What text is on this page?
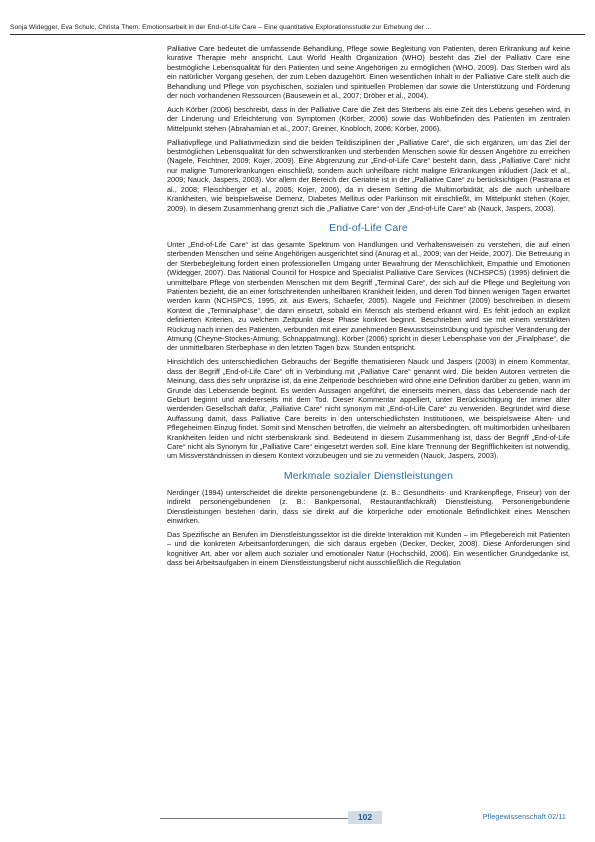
Sonja Widegger, Eva Schulc, Christa Them: Emotionsarbeit in der End-of-Life Care – Eine quantitative Explorationsstudie zur Erhebung der ...

Palliative Care bedeutet die umfassende Behandlung, Pflege sowie Begleitung von Patienten, deren Erkrankung auf keine kurative Therapie mehr anspricht. Laut World Health Organization (WHO) besteht das Ziel der Palliativ Care eine bestmögliche Lebensqualität für den Patienten und seine Angehörigen zu ermöglichen (WHO, 2009). Das Sterben wird als ein natürlicher Vorgang gesehen, der zum Leben dazugehört. Einen wesentlichen Inhalt in der Palliative Care stellt auch die Behandlung und Pflege von psychischen, sozialen und spirituellen Problemen dar sowie die Unterstützung und Förderung der noch vorhandenen Ressourcen (Bausewein et al., 2007; Dröber et al., 2004).

Auch Körber (2006) beschreibt, dass in der Palliative Care die Zeit des Sterbens als eine Zeit des Lebens gesehen wird, in der Linderung und Erleichterung von Symptomen (Körber, 2006) sowie das Wohlbefinden des Patienten im zentralen Mittelpunkt stehen (Abrahamian et al., 2007; Greiner, Knobloch, 2006; Körber, 2006).

Palliativpflege und Palliativmedizin sind die beiden Teildisziplinen der „Palliative Care“, die sich ergänzen, um das Ziel der bestmöglichen Lebensqualität für den schwerstkranken und sterbenden Menschen sowie für dessen Angehöre zu erreichen (Nagele, Feichtner, 2009; Kojer, 2009). Eine Abgrenzung zur „End-of-Life Care“ besteht darin, dass „Palliative Care“ nicht nur maligne Tumorerkrankungen einschließt, sondern auch unheilbare nicht maligne Erkrankungen inkludiert (Jack et al., 2009; Nauck, Jaspers, 2003). Vor allem der Bereich der Geriatrie ist in der „Palliative Care“ zu berücksichtigen (Pastrana et al., 2008; Fleischberger et al., 2005; Kojer, 2006), da in diesem Setting die Multimorbidität, als die auch unheilbare Krankheiten, wie beispielsweise Demenz, Diabetes Mellitus oder Parkinson mit einschließt, im Mittelpunkt stehen (Kojer, 2009). In diesem Zusammenhang grenzt sich die „Palliative Care“ von der „End-of-Life Care“ ab (Nauck, Jaspers, 2003).

End-of-Life Care

Unter „End-of-Life Care“ ist das gesamte Spektrum von Handlungen und Verhaltensweisen zu verstehen, die auf einen sterbenden Menschen und seine Angehörigen ausgerichtet sind (Anurag et al., 2009; van der Heide, 2007). Die Betreuung in der Sterbebegleitung fordert einen professionellen Umgang unter Bewahrung der Menschlichkeit, Empathie und Emotionen (Widegger, 2007). Das National Council for Hospice and Specialist Palliative Care Services (NCHSPCS) (1995) definiert die unmittelbare Pflege von sterbenden Menschen mit dem Begriff „Terminal Care“, der sich auf die Pflege und Begleitung von Patienten bezieht, die an einer fortschreitenden unheilbaren Krankheit leiden, und deren Tod binnen wenigen Tagen erwartet werden kann (NCHSPCS, 1995, zit. aus Ewers, Schaefer, 2005). Nagele und Feichtner (2009) beschreiben in diesem Kontext die „Terminalphase“, die dann einsetzt, sobald ein Mensch als sterbend erkannt wird. Es fehlt jedoch an explizit definierten Kriterien, zu welchem Zeitpunkt diese Phase konkret beginnt. Beschrieben wird sie mit einem verstärkten Rückzug nach innen des Patienten, verbunden mit einer zunehmenden Bewusstseinstrübung und typischer Veränderung der Atmung (Cheyne-Stockes-Atmung; Schnappatmung). Körber (2006) spricht in dieser Lebensphase von der „Finalphase“, die der unmittelbaren Sterbephase in den letzten Tagen bzw. Stunden entspricht.

Hinsichtlich des unterschiedlichen Gebrauchs der Begriffe thematisieren Nauck und Jaspers (2003) in einem Kommentar, dass der Begriff „End-of-Life Care“ oft in Verbindung mit „Palliative Care“ genannt wird. Die beiden Autoren vertreten die Meinung, dass dies sehr unpräzise ist, da eine Zeitperiode beschrieben wird ohne eine Definition darüber zu geben, wann im Grunde das Lebensende beginnt. Es werden Aussagen angeführt, die einerseits meinen, dass das Lebensende nach der Geburt beginnt und andererseits mit dem Tod. Dieser Kommentar appelliert, unter Berücksichtigung der immer älter werdenden Gesellschaft dafür, „Palliative Care“ nicht synonym mit „End-of-Life Care“ zu verwenden. Begründet wird diese Auffassung damit, dass Palliative Care bereits in den unterschiedlichsten Institutionen, wie beispielsweise Alten- und Pflegeheimen Einzug findet. Somit sind Menschen betroffen, die vielmehr an altersbedingten, oft multimorbiden unheilbaren Krankheiten leiden und nicht sterbenskrank sind. Bedeutend in diesem Zusammenhang ist, dass der Begriff „End-of-Life Care“ nicht als Synonym für „Palliative Care“ eingesetzt werden soll. Eine klare Trennung der Begrifflichkeiten ist notwendig, um Missverständnissen in diesem Kontext vorzubeugen und sie zu vermeiden (Nauck, Jaspers, 2003).

Merkmale sozialer Dienstleistungen

Nerdinger (1994) unterscheidet die direkte personengebundene (z. B.: Gesundheits- und Krankenpflege, Friseur) von der indirekt personengebundenen (z. B.: Bankpersonal, Restaurantfachkraft) Dienstleistung. Personengebundene Dienstleistungen bestehen darin, dass sie direkt auf die körperliche oder emotionale Befindlichkeit eines Menschen einwirken.

Das Spezifische an Berufen im Dienstleistungssektor ist die direkte Interaktion mit Kunden – im Pflegebereich mit Patienten – und die konkreten Arbeitsanforderungen, die sich daraus ergeben (Decker, Decker, 2008). Diese Anforderungen sind kognitiver Art, aber vor allem auch sozialer und emotionaler Natur (Hochschild, 2006). Ein wesentlicher Grundgedanke ist, dass bei Arbeitsaufgaben in einem Dienstleistungsberuf nicht ausschließlich die Regulation

102	Pflegewissenschaft 02/11
